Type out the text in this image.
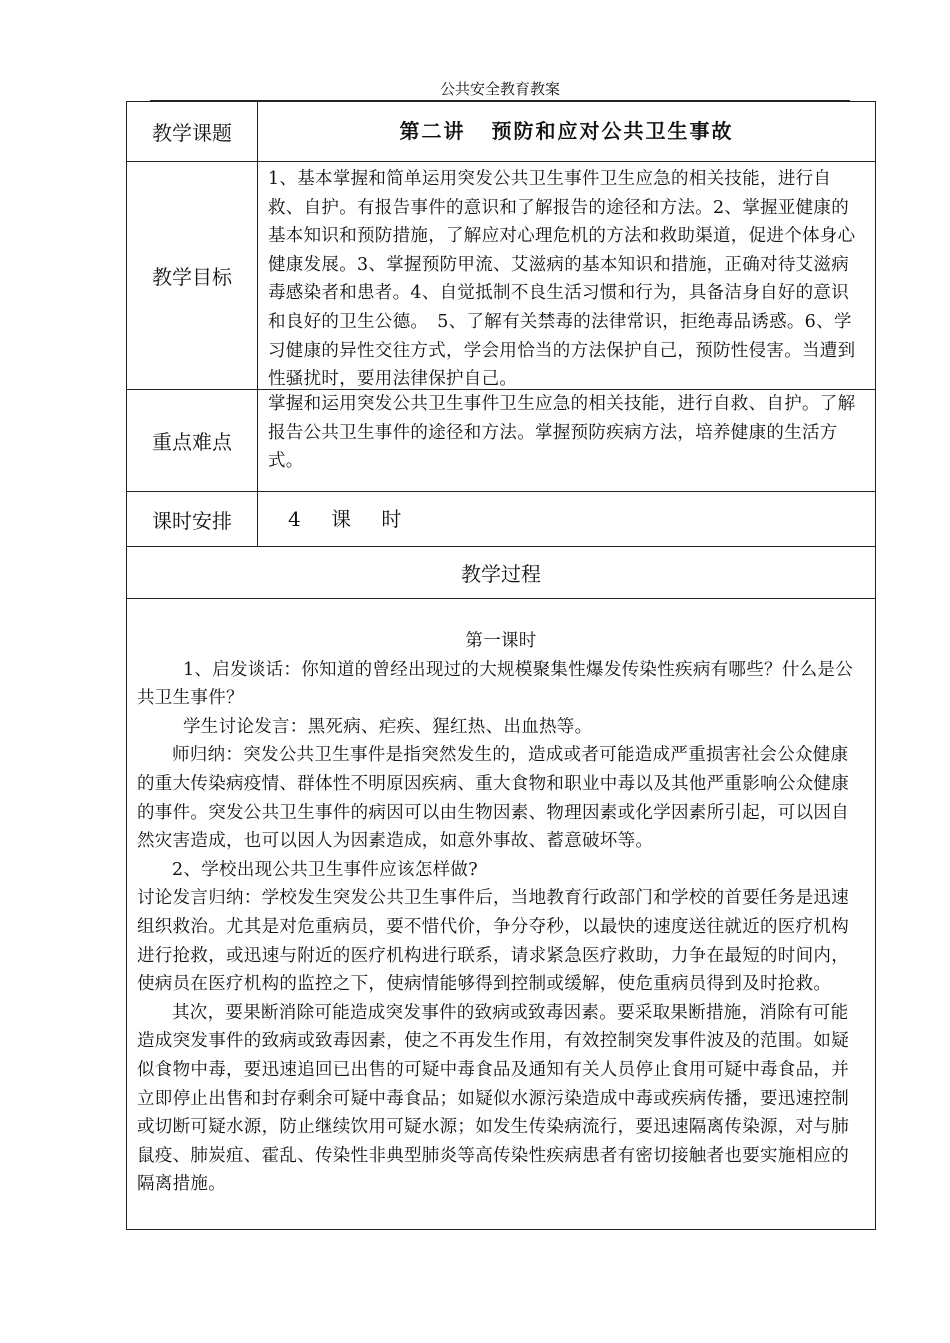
公共安全教育教案
教学课题	第二讲 预防和应对公共卫生事故
教学目标
1、基本掌握和简单运用突发公共卫生事件卫生应急的相关技能，进行自救、自护。有报告事件的意识和了解报告的途径和方法。2、掌握亚健康的基本知识和预防措施，了解应对心理危机的方法和救助渠道，促进个体身心健康发展。3、掌握预防甲流、艾滋病的基本知识和措施，正确对待艾滋病毒感染者和患者。4、自觉抵制不良生活习惯和行为，具备洁身自好的意识和良好的卫生公德。　5、了解有关禁毒的法律常识，拒绝毒品诱惑。6、学习健康的异性交往方式，学会用恰当的方法保护自己，预防性侵害。当遭到性骚扰时，要用法律保护自己。
重点难点
掌握和运用突发公共卫生事件卫生应急的相关技能，进行自救、自护。了解报告公共卫生事件的途径和方法。掌握预防疾病方法，培养健康的生活方式。
课时安排	4 课 时
教学过程

第一课时

1、启发谈话：你知道的曾经出现过的大规模聚集性爆发传染性疾病有哪些？什么是公共卫生事件？

学生讨论发言：黑死病、疟疾、猩红热、出血热等。

师归纳：突发公共卫生事件是指突然发生的，造成或者可能造成严重损害社会公众健康的重大传染病疫情、群体性不明原因疾病、重大食物和职业中毒以及其他严重影响公众健康的事件。突发公共卫生事件的病因可以由生物因素、物理因素或化学因素所引起，可以因自然灾害造成，也可以因人为因素造成，如意外事故、蓄意破坏等。

2、学校出现公共卫生事件应该怎样做?

讨论发言归纳：学校发生突发公共卫生事件后，当地教育行政部门和学校的首要任务是迅速组织救治。尤其是对危重病员，要不惜代价，争分夺秒，以最快的速度送往就近的医疗机构进行抢救，或迅速与附近的医疗机构进行联系，请求紧急医疗救助，力争在最短的时间内，使病员在医疗机构的监控之下，使病情能够得到控制或缓解，使危重病员得到及时抢救。

其次，要果断消除可能造成突发事件的致病或致毒因素。要采取果断措施，消除有可能造成突发事件的致病或致毒因素，使之不再发生作用，有效控制突发事件波及的范围。如疑似食物中毒，要迅速追回已出售的可疑中毒食品及通知有关人员停止食用可疑中毒食品，并立即停止出售和封存剩余可疑中毒食品；如疑似水源污染造成中毒或疾病传播，要迅速控制或切断可疑水源，防止继续饮用可疑水源；如发生传染病流行，要迅速隔离传染源，对与肺鼠疫、肺炭疽、霍乱、传染性非典型肺炎等高传染性疾病患者有密切接触者也要实施相应的隔离措施。
